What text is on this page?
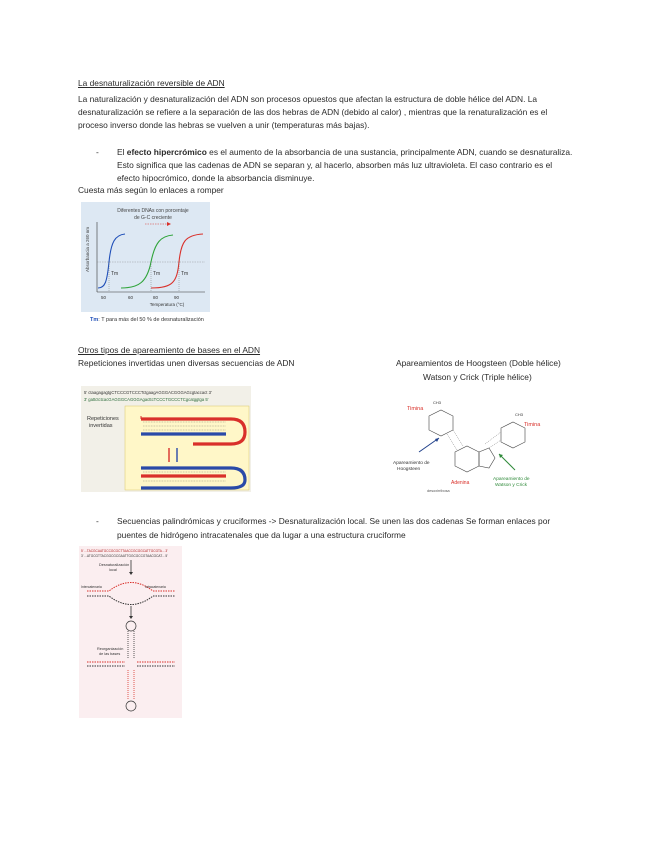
La desnaturalización reversible de ADN
La naturalización y desnaturalización del ADN son procesos opuestos que afectan la estructura de doble hélice del ADN. La
desnaturalización se refiere a la separación de las dos hebras de ADN (debido al calor) , mientras que la renaturalización es el
proceso inverso donde las hebras se vuelven a unir (temperaturas más bajas).
- El efecto hipercrómico es el aumento de la absorbancia de una sustancia, principalmente ADN, cuando se desnaturaliza.
Esto significa que las cadenas de ADN se separan y, al hacerlo, absorben más luz ultravioleta. El caso contrario es el
efecto hipocrómico, donde la absorbancia disminuye.
Cuesta más según lo enlaces a romper
Diferentes DNAs con porcentaje
de G-C creciente
Absorbancia a 260 nm
Tm	Tm	Tm
50	60	80	90
Temperatura (°C)
Tm: T para más del 50 % de desnaturalización
Otros tipos de apareamiento de bases en el ADN
Repeticiones invertidas unen diversas secuencias de ADN	Apareamientos de Hoogsteen (Doble hélice)
Watson y Crick (Triple hélice)
5' ctaagagagtgCTCCCGTCCCTctgaagAGGGACGGGAGcgtaccact 3'
3' gattctctcacGAGGGCAGGGAgacttcTCCCTGCCCTCgcatggtga 5'
Repeticiones
invertidas
Timina
Timina
CH3
CH3
Apareamiento de
Hoogsteen
Apareamiento de
Watson y Crick
Adenina
desoxirribosa
- Secuencias palindrómicas y cruciformes -> Desnaturalización local. Se unen las dos cadenas Se forman enlaces por
puentes de hidrógeno intracatenales que da lugar a una estructura cruciforme
5' ...TACGCAATGCCGCGCTTAACCGCGGCATTGCGTA... 3'
3' ...ATGCGTTACGGCGCGAATTGGCGCCGTAACGCAT... 5'
Desnaturalización
local
Intercatenaria	Intracatenaria
Reorganización
de las bases
